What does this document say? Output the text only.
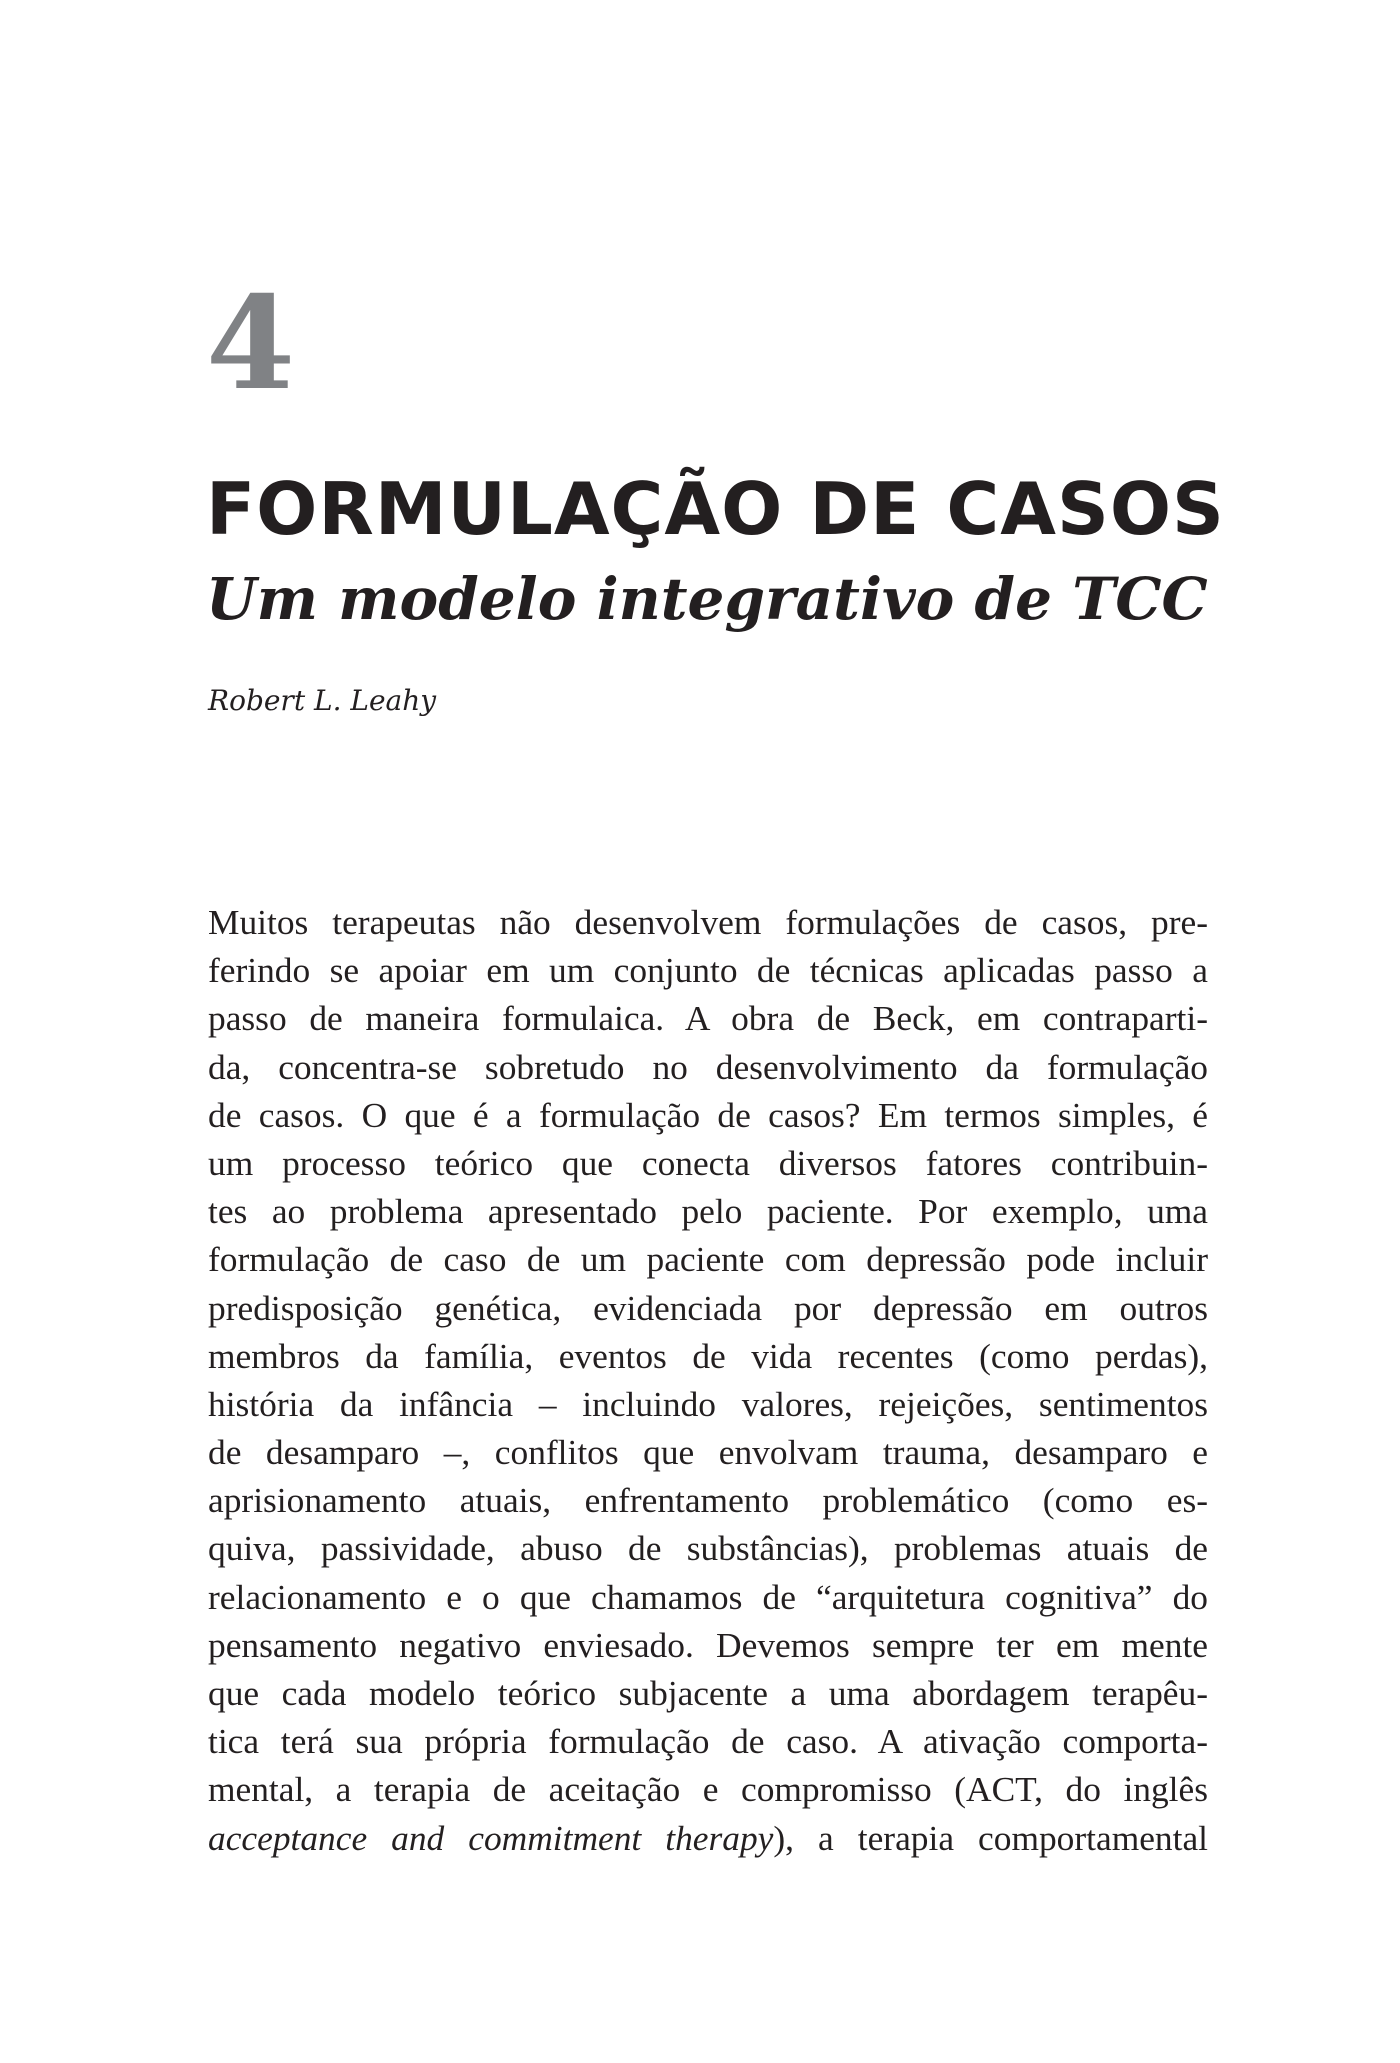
4
FORMULAÇÃO DE CASOS
Um modelo integrativo de TCC

Robert L. Leahy

Muitos terapeutas não desenvolvem formulações de casos, pre-
ferindo se apoiar em um conjunto de técnicas aplicadas passo a
passo de maneira formulaica. A obra de Beck, em contraparti-
da, concentra-se sobretudo no desenvolvimento da formulação
de casos. O que é a formulação de casos? Em termos simples, é
um processo teórico que conecta diversos fatores contribuin-
tes ao problema apresentado pelo paciente. Por exemplo, uma
formulação de caso de um paciente com depressão pode incluir
predisposição genética, evidenciada por depressão em outros
membros da família, eventos de vida recentes (como perdas),
história da infância – incluindo valores, rejeições, sentimentos
de desamparo –, conflitos que envolvam trauma, desamparo e
aprisionamento atuais, enfrentamento problemático (como es-
quiva, passividade, abuso de substâncias), problemas atuais de
relacionamento e o que chamamos de “arquitetura cognitiva” do
pensamento negativo enviesado. Devemos sempre ter em mente
que cada modelo teórico subjacente a uma abordagem terapêu-
tica terá sua própria formulação de caso. A ativação comporta-
mental, a terapia de aceitação e compromisso (ACT, do inglês
acceptance and commitment therapy), a terapia comportamental
